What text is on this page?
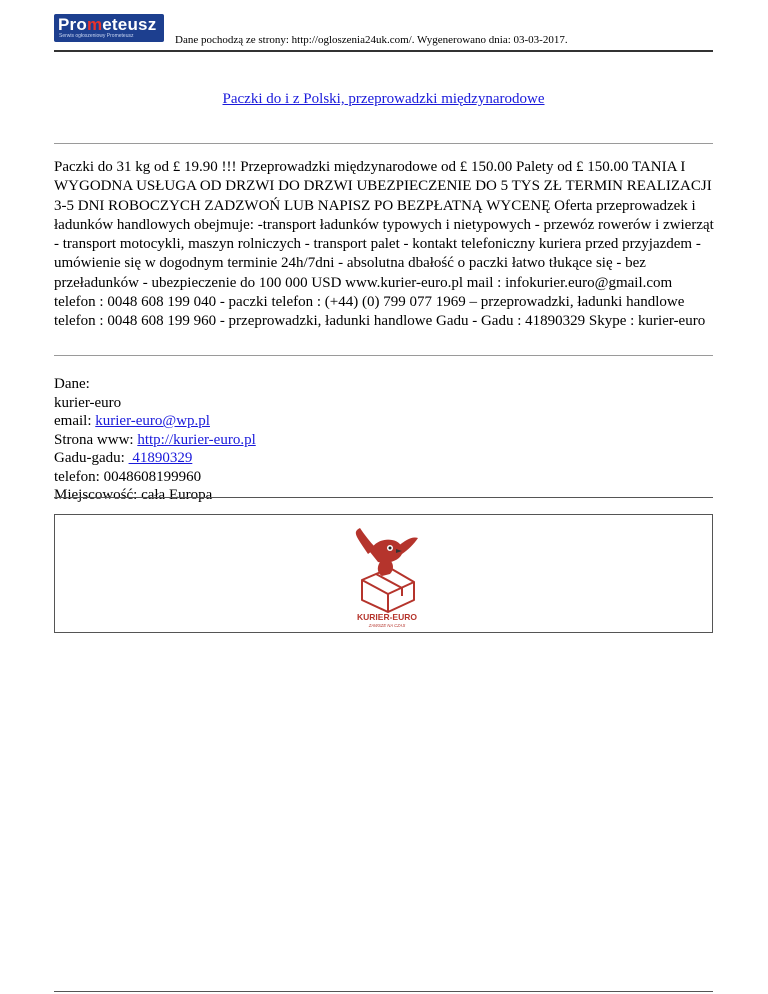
Prometeusz
Serwis ogłoszeniowy Prometeusz	Dane pochodzą ze strony: http://ogloszenia24uk.com/. Wygenerowano dnia: 03-03-2017.
Paczki do i z Polski, przeprowadzki międzynarodowe

Paczki do 31 kg od £ 19.90 !!! Przeprowadzki międzynarodowe od £ 150.00 Palety od £ 150.00 TANIA I WYGODNA USŁUGA OD DRZWI DO DRZWI UBEZPIECZENIE DO 5 TYS ZŁ TERMIN REALIZACJI 3-5 DNI ROBOCZYCH ZADZWOŃ LUB NAPISZ PO BEZPŁATNĄ WYCENĘ Oferta przeprowadzek i ładunków handlowych obejmuje: -transport ładunków typowych i nietypowych - przewóz rowerów i zwierząt - transport motocykli, maszyn rolniczych - transport palet - kontakt telefoniczny kuriera przed przyjazdem - umówienie się w dogodnym terminie 24h/7dni - absolutna dbałość o paczki łatwo tłukące się - bez przeładunków - ubezpieczenie do 100 000 USD www.kurier-euro.pl mail : infokurier.euro@gmail.com telefon : 0048 608 199 040 - paczki telefon : (+44) (0) 799 077 1969 – przeprowadzki, ładunki handlowe telefon : 0048 608 199 960 - przeprowadzki, ładunki handlowe Gadu - Gadu : 41890329 Skype : kurier-euro

Dane:
kurier-euro
email: kurier-euro@wp.pl
Strona www: http://kurier-euro.pl
Gadu-gadu:  41890329
telefon: 0048608199960
Miejscowość: cała Europa
KURIER-EURO
ZAWSZE NA CZAS
